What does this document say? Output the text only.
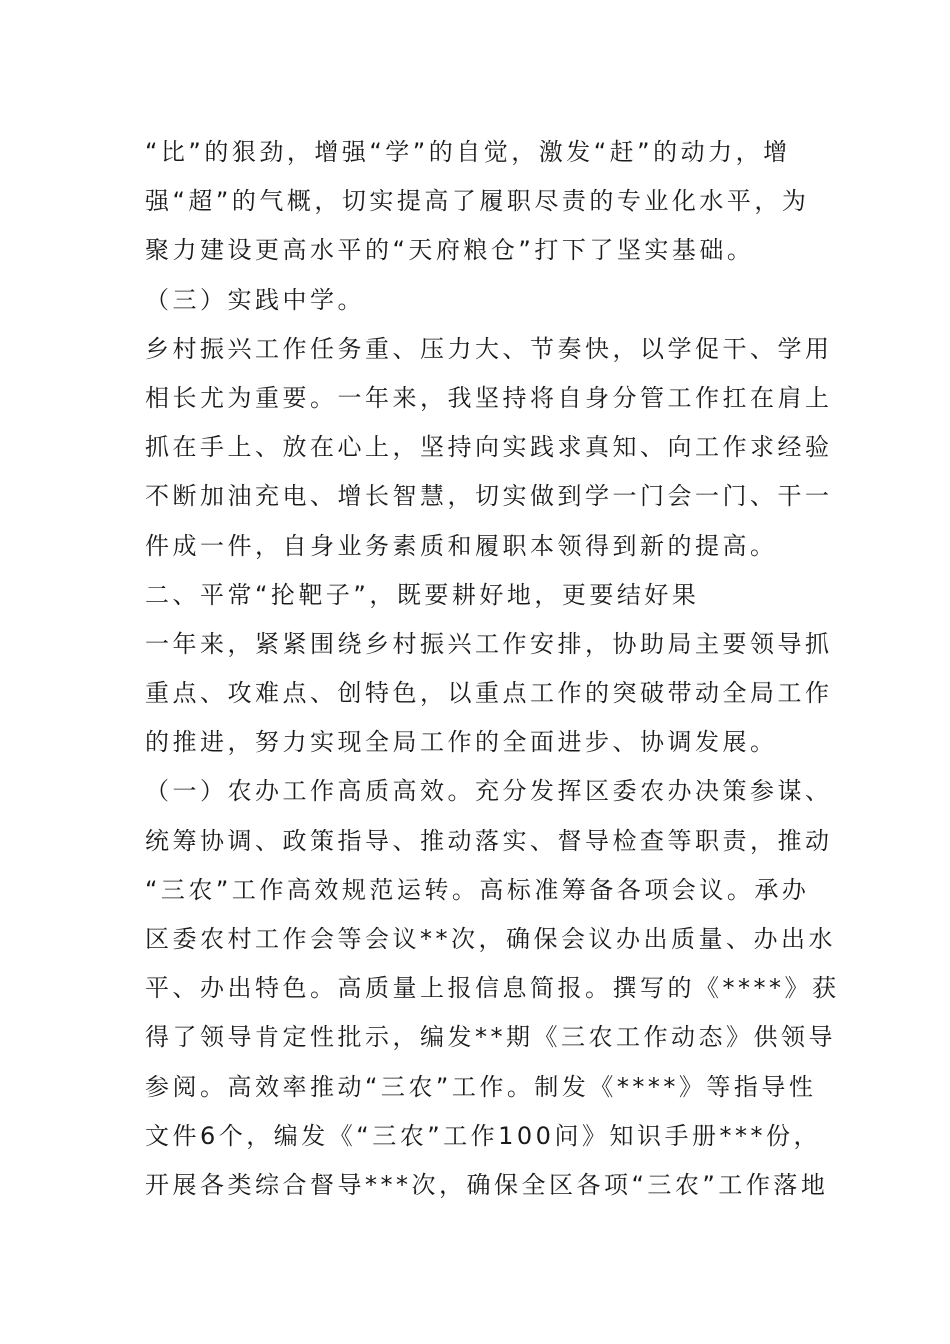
“比”的狠劲，增强“学”的自觉，激发“赶”的动力，增
强“超”的气概，切实提高了履职尽责的专业化水平，为
聚力建设更高水平的“天府粮仓”打下了坚实基础。
（三）实践中学。
乡村振兴工作任务重、压力大、节奏快，以学促干、学用
相长尤为重要。一年来，我坚持将自身分管工作扛在肩上
抓在手上、放在心上，坚持向实践求真知、向工作求经验
不断加油充电、增长智慧，切实做到学一门会一门、干一
件成一件，自身业务素质和履职本领得到新的提高。
二、平常“抡靶子”，既要耕好地，更要结好果
一年来，紧紧围绕乡村振兴工作安排，协助局主要领导抓
重点、攻难点、创特色，以重点工作的突破带动全局工作
的推进，努力实现全局工作的全面进步、协调发展。
（一）农办工作高质高效。充分发挥区委农办决策参谋、
统筹协调、政策指导、推动落实、督导检查等职责，推动
“三农”工作高效规范运转。高标准筹备各项会议。承办
区委农村工作会等会议**次，确保会议办出质量、办出水
平、办出特色。高质量上报信息简报。撰写的《****》获
得了领导肯定性批示，编发**期《三农工作动态》供领导
参阅。高效率推动“三农”工作。制发《****》等指导性
文件6个，编发《“三农”工作100问》知识手册***份，
开展各类综合督导***次，确保全区各项“三农”工作落地
